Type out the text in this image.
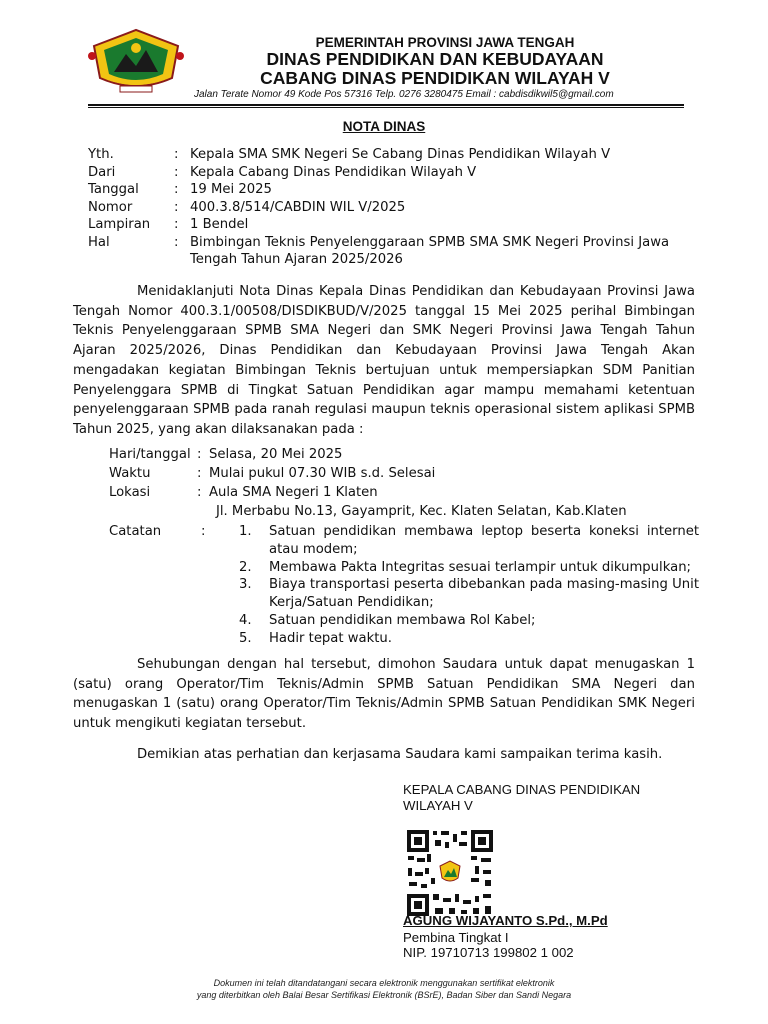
PEMERINTAH PROVINSI JAWA TENGAH
DINAS PENDIDIKAN DAN KEBUDAYAAN
CABANG DINAS PENDIDIKAN WILAYAH V
Jalan Terate Nomor 49 Kode Pos 57316 Telp. 0276 3280475 Email : cabdisdikwil5@gmail.com
NOTA DINAS
Yth.	: Kepala SMA SMK Negeri Se Cabang Dinas Pendidikan Wilayah V
Dari	: Kepala Cabang Dinas Pendidikan Wilayah V
Tanggal	: 19 Mei 2025
Nomor	: 400.3.8/514/CABDIN WIL V/2025
Lampiran	: 1 Bendel
Hal	: Bimbingan Teknis Penyelenggaraan SPMB SMA SMK Negeri Provinsi Jawa Tengah Tahun Ajaran 2025/2026
Menidaklanjuti Nota Dinas Kepala Dinas Pendidikan dan Kebudayaan Provinsi Jawa Tengah Nomor 400.3.1/00508/DISDIKBUD/V/2025 tanggal 15 Mei 2025 perihal Bimbingan Teknis Penyelenggaraan SPMB SMA Negeri dan SMK Negeri Provinsi Jawa Tengah Tahun Ajaran 2025/2026, Dinas Pendidikan dan Kebudayaan Provinsi Jawa Tengah Akan mengadakan kegiatan Bimbingan Teknis bertujuan untuk mempersiapkan SDM Panitian Penyelenggara SPMB di Tingkat Satuan Pendidikan agar mampu memahami ketentuan penyelenggaraan SPMB pada ranah regulasi maupun teknis operasional sistem aplikasi SPMB Tahun 2025, yang akan dilaksanakan pada :
Hari/tanggal : Selasa, 20 Mei 2025
Waktu	: Mulai pukul 07.30 WIB s.d. Selesai
Lokasi	: Aula SMA Negeri 1 Klaten
Jl. Merbabu No.13, Gayamprit, Kec. Klaten Selatan, Kab.Klaten
Catatan	:	1.	Satuan pendidikan membawa leptop beserta koneksi internet atau modem;
2.	Membawa Pakta Integritas sesuai terlampir untuk dikumpulkan;
3.	Biaya transportasi peserta dibebankan pada masing-masing Unit Kerja/Satuan Pendidikan;
4.	Satuan pendidikan membawa Rol Kabel;
5.	Hadir tepat waktu.
Sehubungan dengan hal tersebut, dimohon Saudara untuk dapat menugaskan 1 (satu) orang Operator/Tim Teknis/Admin SPMB Satuan Pendidikan SMA Negeri dan menugaskan 1 (satu) orang Operator/Tim Teknis/Admin SPMB Satuan Pendidikan SMK Negeri untuk mengikuti kegiatan tersebut.
Demikian atas perhatian dan kerjasama Saudara kami sampaikan terima kasih.
KEPALA CABANG DINAS PENDIDIKAN
WILAYAH V
AGUNG WIJAYANTO S.Pd., M.Pd
Pembina Tingkat I
NIP. 19710713 199802 1 002
Dokumen ini telah ditandatangani secara elektronik menggunakan sertifikat elektronik
yang diterbitkan oleh Balai Besar Sertifikasi Elektronik (BSrE), Badan Siber dan Sandi Negara
